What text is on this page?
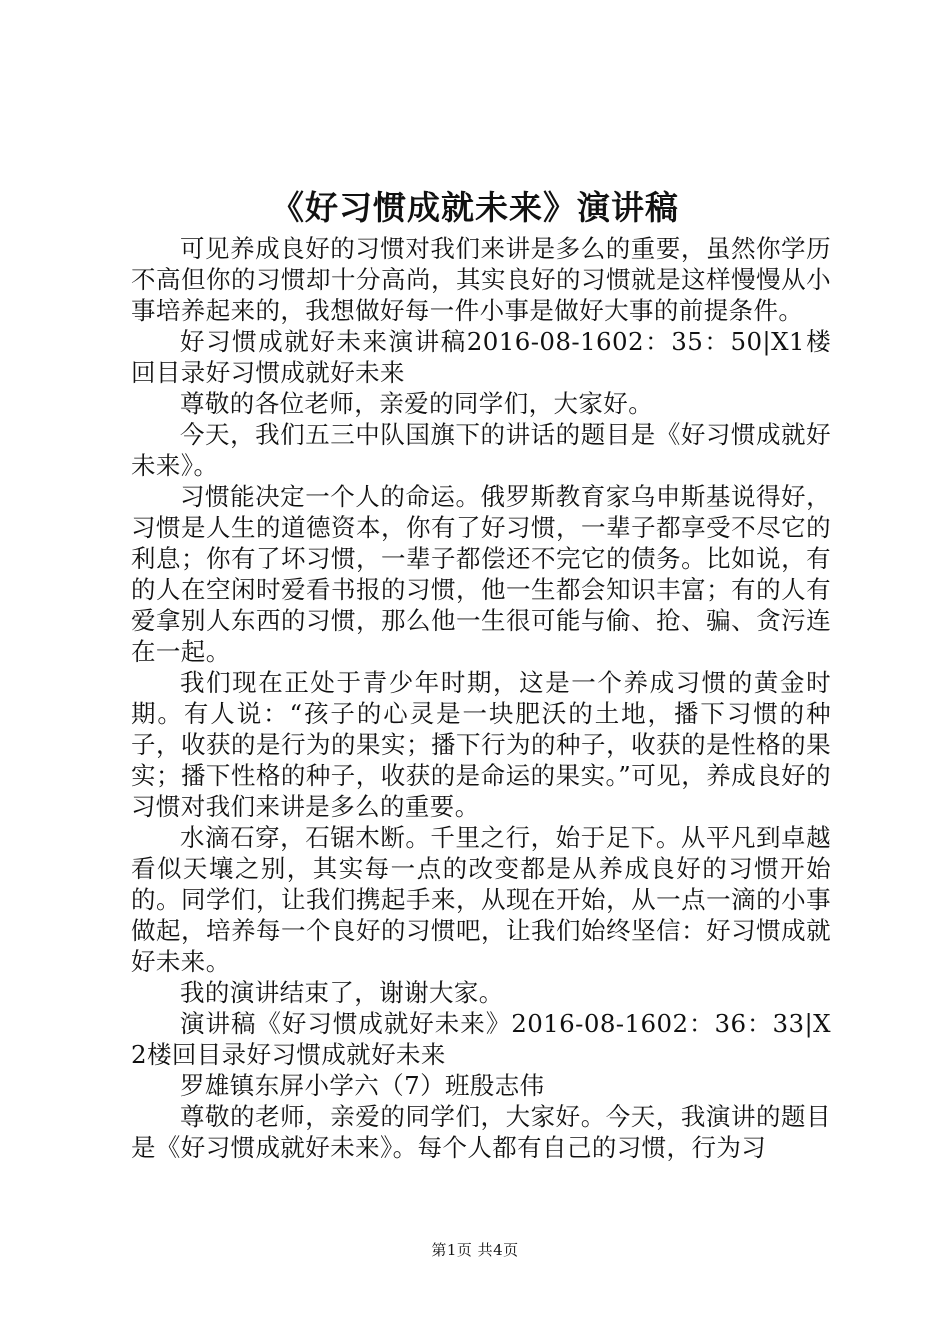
《好习惯成就未来》演讲稿

可见养成良好的习惯对我们来讲是多么的重要，虽然你学历不高但你的习惯却十分高尚，其实良好的习惯就是这样慢慢从小事培养起来的，我想做好每一件小事是做好大事的前提条件。

好习惯成就好未来演讲稿2016-08-1602：35：50|X1楼回目录好习惯成就好未来

尊敬的各位老师，亲爱的同学们，大家好。

今天，我们五三中队国旗下的讲话的题目是《好习惯成就好未来》。

习惯能决定一个人的命运。俄罗斯教育家乌申斯基说得好，习惯是人生的道德资本，你有了好习惯，一辈子都享受不尽它的利息；你有了坏习惯，一辈子都偿还不完它的债务。比如说，有的人在空闲时爱看书报的习惯，他一生都会知识丰富；有的人有爱拿别人东西的习惯，那么他一生很可能与偷、抢、骗、贪污连在一起。

我们现在正处于青少年时期，这是一个养成习惯的黄金时期。有人说：“孩子的心灵是一块肥沃的土地，播下习惯的种子，收获的是行为的果实；播下行为的种子，收获的是性格的果实；播下性格的种子，收获的是命运的果实。”可见，养成良好的习惯对我们来讲是多么的重要。

水滴石穿，石锯木断。千里之行，始于足下。从平凡到卓越看似天壤之别，其实每一点的改变都是从养成良好的习惯开始的。同学们，让我们携起手来，从现在开始，从一点一滴的小事做起，培养每一个良好的习惯吧，让我们始终坚信：好习惯成就好未来。

我的演讲结束了，谢谢大家。

演讲稿《好习惯成就好未来》2016-08-1602：36：33|X2楼回目录好习惯成就好未来

罗雄镇东屏小学六（7）班殷志伟

尊敬的老师，亲爱的同学们，大家好。今天，我演讲的题目是《好习惯成就好未来》。每个人都有自己的习惯，行为习

第1页 共4页
